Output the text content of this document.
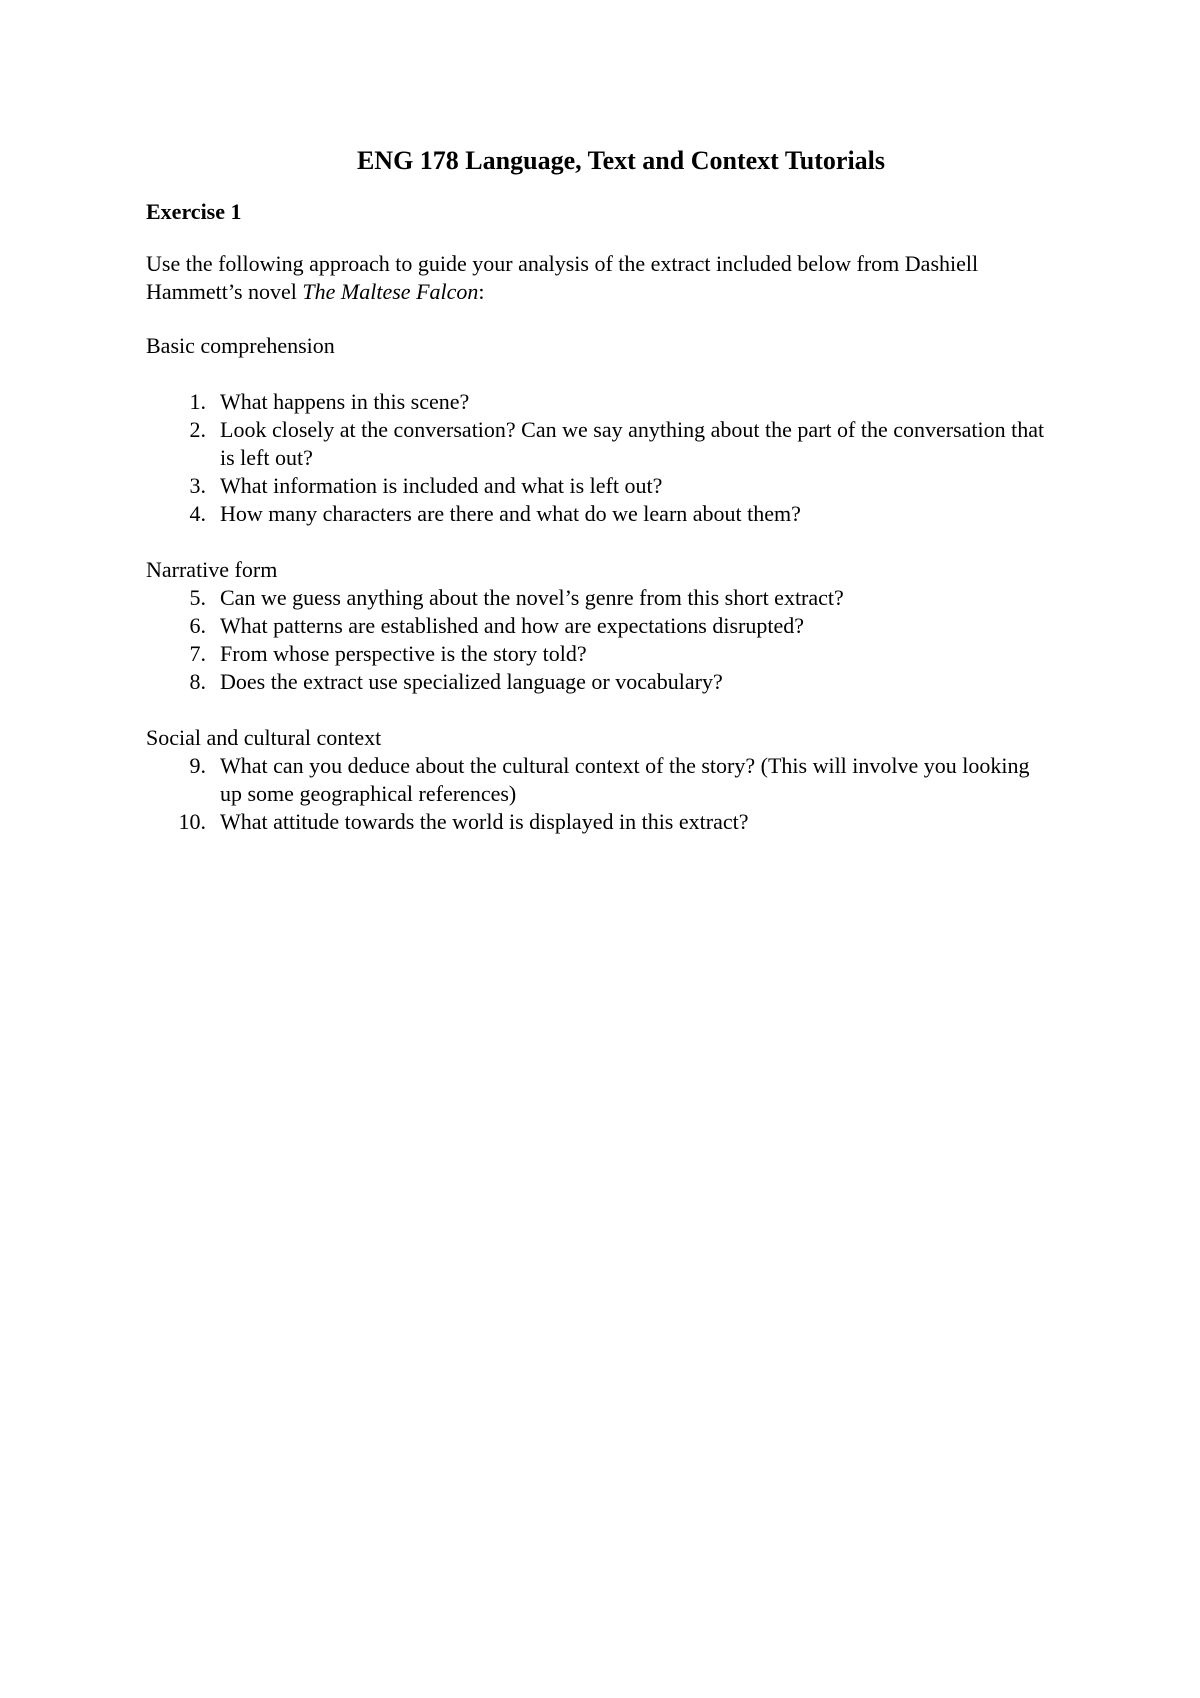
ENG 178 Language, Text and Context Tutorials
Exercise 1

Use the following approach to guide your analysis of the extract included below from Dashiell Hammett’s novel The Maltese Falcon:

Basic comprehension

1. What happens in this scene?
2. Look closely at the conversation? Can we say anything about the part of the conversation that is left out?
3. What information is included and what is left out?
4. How many characters are there and what do we learn about them?

Narrative form

5. Can we guess anything about the novel’s genre from this short extract?
6. What patterns are established and how are expectations disrupted?
7. From whose perspective is the story told?
8. Does the extract use specialized language or vocabulary?

Social and cultural context

9. What can you deduce about the cultural context of the story? (This will involve you looking up some geographical references)
10. What attitude towards the world is displayed in this extract?
